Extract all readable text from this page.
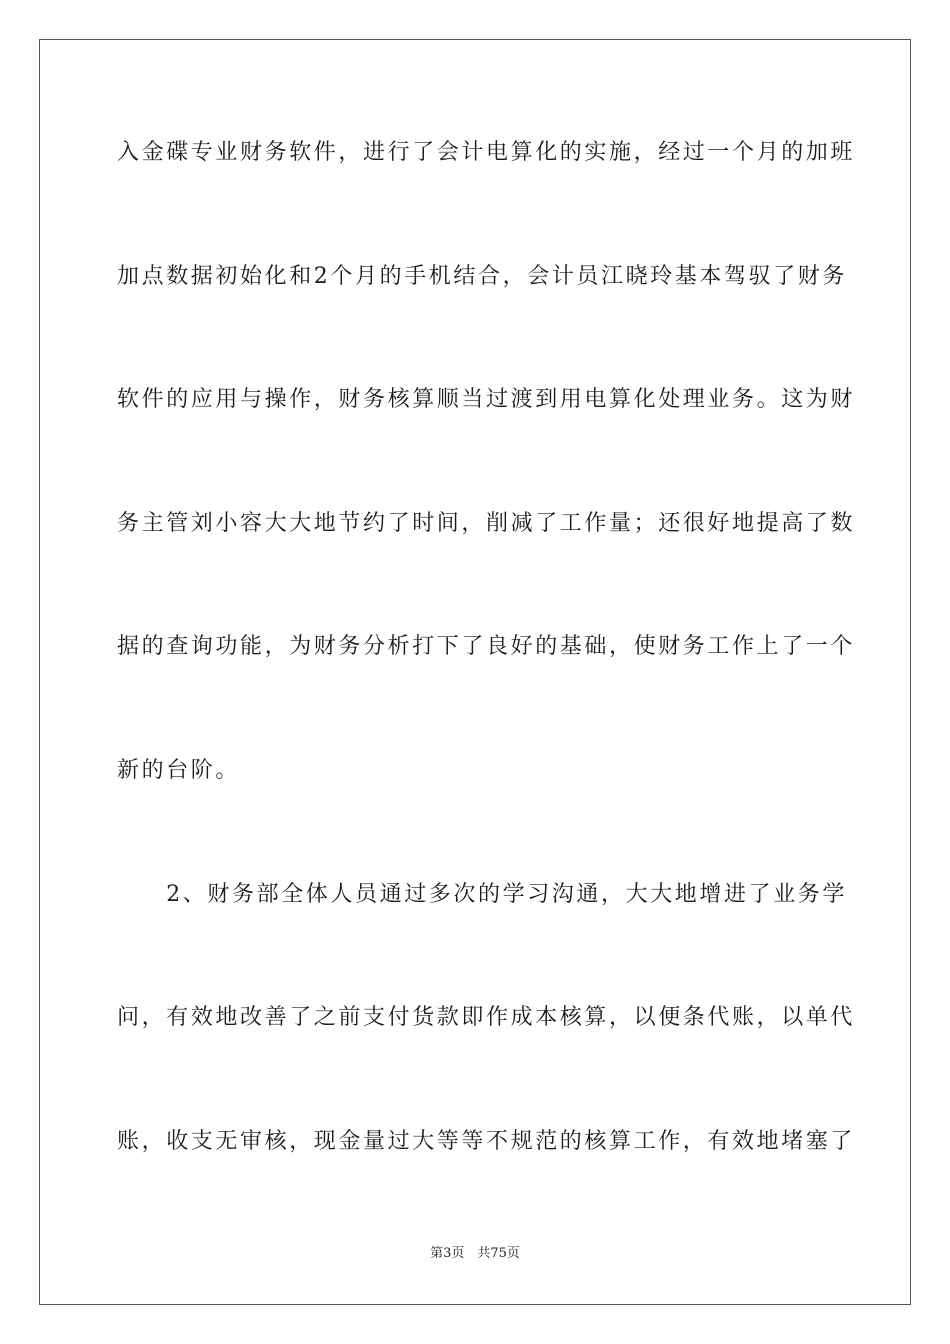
入金碟专业财务软件，进行了会计电算化的实施，经过一个月的加班
加点数据初始化和2个月的手机结合，会计员江晓玲基本驾驭了财务
软件的应用与操作，财务核算顺当过渡到用电算化处理业务。这为财
务主管刘小容大大地节约了时间，削减了工作量；还很好地提高了数
据的查询功能，为财务分析打下了良好的基础，使财务工作上了一个
新的台阶。
　　2、财务部全体人员通过多次的学习沟通，大大地增进了业务学
问，有效地改善了之前支付货款即作成本核算，以便条代账，以单代
账，收支无审核，现金量过大等等不规范的核算工作，有效地堵塞了
第3页　共75页
